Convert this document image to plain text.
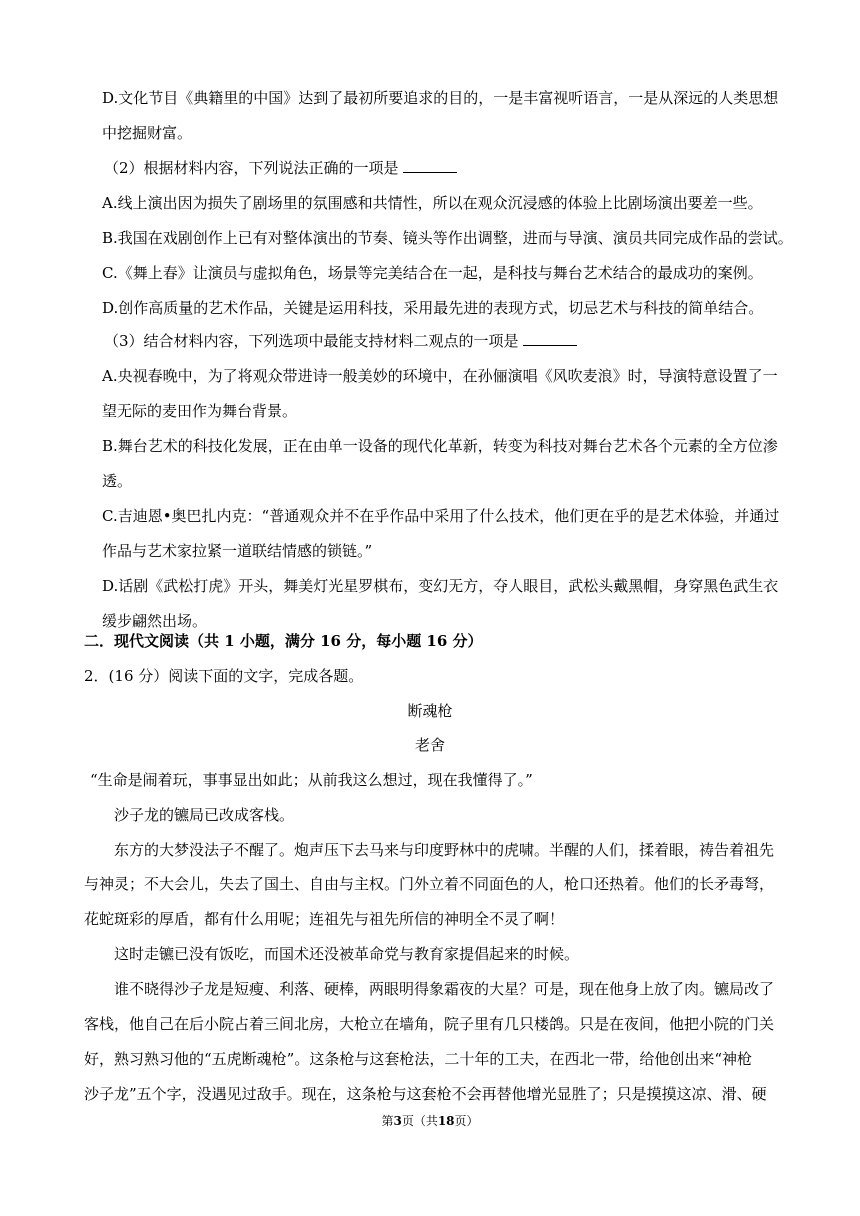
D.文化节目《典籍里的中国》达到了最初所要追求的目的，一是丰富视听语言，一是从深远的人类思想
中挖掘财富。
（2）根据材料内容，下列说法正确的一项是
A.线上演出因为损失了剧场里的氛围感和共情性，所以在观众沉浸感的体验上比剧场演出要差一些。
B.我国在戏剧创作上已有对整体演出的节奏、镜头等作出调整，进而与导演、演员共同完成作品的尝试。
C.《舞上春》让演员与虚拟角色，场景等完美结合在一起，是科技与舞台艺术结合的最成功的案例。
D.创作高质量的艺术作品，关键是运用科技，采用最先进的表现方式，切忌艺术与科技的简单结合。
（3）结合材料内容，下列选项中最能支持材料二观点的一项是
A.央视春晚中，为了将观众带进诗一般美妙的环境中，在孙俪演唱《风吹麦浪》时，导演特意设置了一
望无际的麦田作为舞台背景。
B.舞台艺术的科技化发展，正在由单一设备的现代化革新，转变为科技对舞台艺术各个元素的全方位渗
透。
C.吉迪恩•奥巴扎内克：“普通观众并不在乎作品中采用了什么技术，他们更在乎的是艺术体验，并通过
作品与艺术家拉紧一道联结情感的锁链。”
D.话剧《武松打虎》开头，舞美灯光星罗棋布，变幻无方，夺人眼目，武松头戴黑帽，身穿黑色武生衣
缓步翩然出场。
二．现代文阅读（共 1 小题，满分 16 分，每小题 16 分）
2．(16 分）阅读下面的文字，完成各题。
断魂枪
老舍
“生命是闹着玩，事事显出如此；从前我这么想过，现在我懂得了。”
沙子龙的镳局已改成客栈。
东方的大梦没法子不醒了。炮声压下去马来与印度野林中的虎啸。半醒的人们，揉着眼，祷告着祖先
与神灵；不大会儿，失去了国土、自由与主权。门外立着不同面色的人，枪口还热着。他们的长矛毒弩，
花蛇斑彩的厚盾，都有什么用呢；连祖先与祖先所信的神明全不灵了啊！
这时走镳已没有饭吃，而国术还没被革命党与教育家提倡起来的时候。
谁不晓得沙子龙是短瘦、利落、硬棒，两眼明得象霜夜的大星？可是，现在他身上放了肉。镳局改了
客栈，他自己在后小院占着三间北房，大枪立在墙角，院子里有几只楼鸽。只是在夜间，他把小院的门关
好，熟习熟习他的“五虎断魂枪”。这条枪与这套枪法，二十年的工夫，在西北一带，给他创出来“神枪
沙子龙”五个字，没遇见过敌手。现在，这条枪与这套枪不会再替他增光显胜了；只是摸摸这凉、滑、硬
第3页（共18页）
